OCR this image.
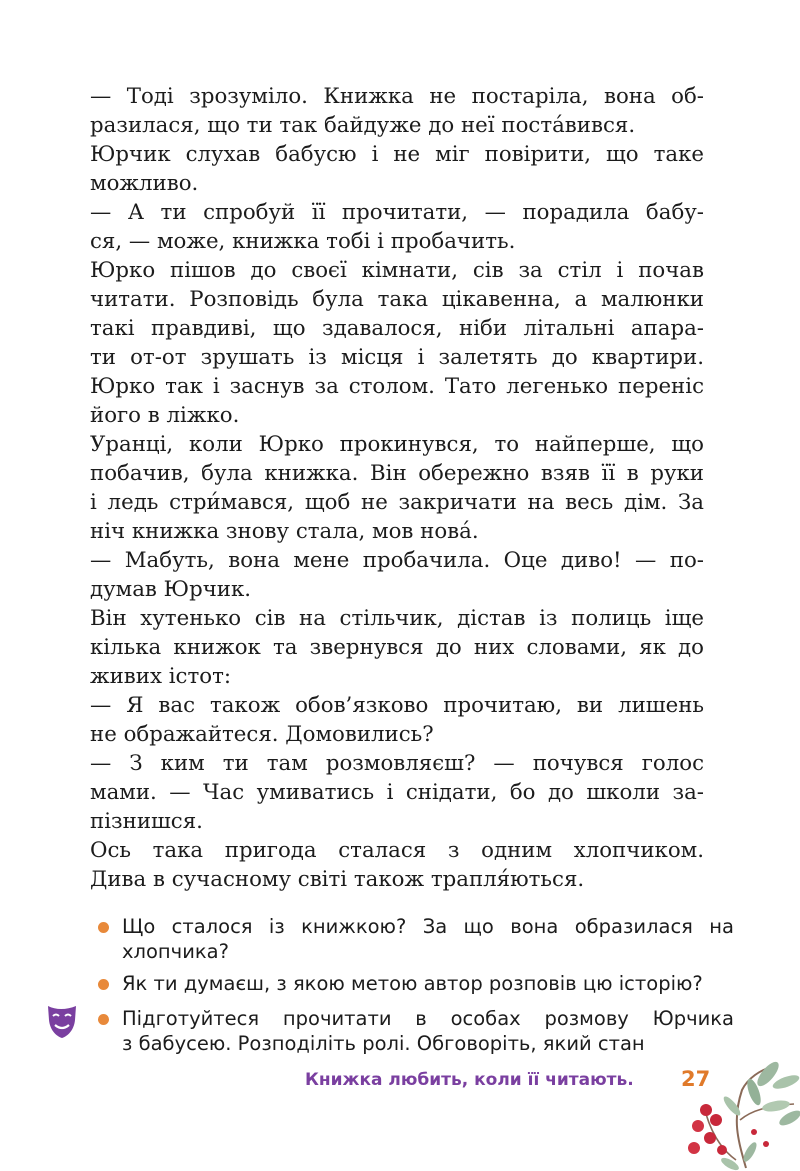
— Тоді зрозуміло. Книжка не постаріла, вона об-
разилася, що ти так байдуже до неї поста́вився.
Юрчик слухав бабусю і не міг повірити, що таке
можливо.
— А ти спробуй її прочитати, — порадила бабу-
ся, — може, книжка тобі і пробачить.
Юрко пішов до своєї кімнати, сів за стіл і почав
читати. Розповідь була така цікавенна, а малюнки
такі правдиві, що здавалося, ніби літальні апара-
ти от-от зрушать із місця і залетять до квартири.
Юрко так і заснув за столом. Тато легенько переніс
його в ліжко.
Уранці, коли Юрко прокинувся, то найперше, що
побачив, була книжка. Він обережно взяв її в руки
і ледь стри́мався, щоб не закричати на весь дім. За
ніч книжка знову стала, мов нова́.
— Мабуть, вона мене пробачила. Оце диво! — по-
думав Юрчик.
Він хутенько сів на стільчик, дістав із полиць іще
кілька книжок та звернувся до них словами, як до
живих істот:
— Я вас також обов’язково прочитаю, ви лишень
не ображайтеся. Домовились?
— З ким ти там розмовляєш? — почувся голос
мами. — Час умиватись і снідати, бо до школи за-
пізнишся.
Ось така пригода сталася з одним хлопчиком.
Дива в сучасному світі також трапля́ються.
Що сталося із книжкою? За що вона образилася на
хлопчика?
Як ти думаєш, з якою метою автор розповів цю історію?
Підготуйтеся прочитати в особах розмову Юрчика
з бабусею. Розподіліть ролі. Обговоріть, який стан
Книжка любить, коли її читають. 27
